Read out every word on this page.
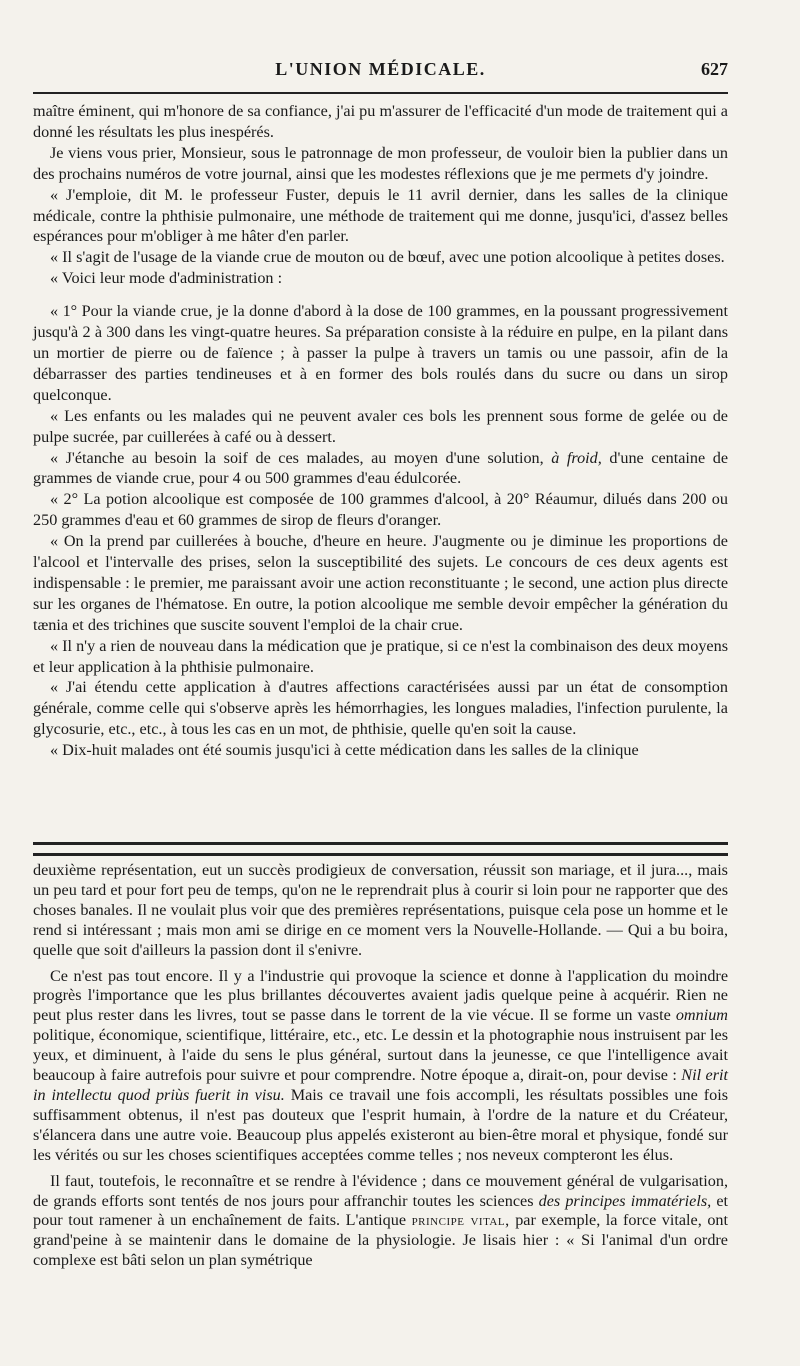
L'UNION MÉDICALE.	627

maître éminent, qui m'honore de sa confiance, j'ai pu m'assurer de l'efficacité d'un mode de traitement qui a donné les résultats les plus inespérés.

Je viens vous prier, Monsieur, sous le patronnage de mon professeur, de vouloir bien la publier dans un des prochains numéros de votre journal, ainsi que les modestes réflexions que je me permets d'y joindre.

« J'emploie, dit M. le professeur Fuster, depuis le 11 avril dernier, dans les salles de la clinique médicale, contre la phthisie pulmonaire, une méthode de traitement qui me donne, jusqu'ici, d'assez belles espérances pour m'obliger à me hâter d'en parler.

« Il s'agit de l'usage de la viande crue de mouton ou de bœuf, avec une potion alcoolique à petites doses.

« Voici leur mode d'administration :

« 1° Pour la viande crue, je la donne d'abord à la dose de 100 grammes, en la poussant progressivement jusqu'à 2 à 300 dans les vingt-quatre heures. Sa préparation consiste à la réduire en pulpe, en la pilant dans un mortier de pierre ou de faïence ; à passer la pulpe à travers un tamis ou une passoir, afin de la débarrasser des parties tendineuses et à en former des bols roulés dans du sucre ou dans un sirop quelconque.

« Les enfants ou les malades qui ne peuvent avaler ces bols les prennent sous forme de gelée ou de pulpe sucrée, par cuillerées à café ou à dessert.

« J'étanche au besoin la soif de ces malades, au moyen d'une solution, à froid, d'une centaine de grammes de viande crue, pour 4 ou 500 grammes d'eau édulcorée.

« 2° La potion alcoolique est composée de 100 grammes d'alcool, à 20° Réaumur, dilués dans 200 ou 250 grammes d'eau et 60 grammes de sirop de fleurs d'oranger.

« On la prend par cuillerées à bouche, d'heure en heure. J'augmente ou je diminue les proportions de l'alcool et l'intervalle des prises, selon la susceptibilité des sujets. Le concours de ces deux agents est indispensable : le premier, me paraissant avoir une action reconstituante ; le second, une action plus directe sur les organes de l'hématose. En outre, la potion alcoolique me semble devoir empêcher la génération du tænia et des trichines que suscite souvent l'emploi de la chair crue.

« Il n'y a rien de nouveau dans la médication que je pratique, si ce n'est la combinaison des deux moyens et leur application à la phthisie pulmonaire.

« J'ai étendu cette application à d'autres affections caractérisées aussi par un état de consomption générale, comme celle qui s'observe après les hémorrhagies, les longues maladies, l'infection purulente, la glycosurie, etc., etc., à tous les cas en un mot, de phthisie, quelle qu'en soit la cause.

« Dix-huit malades ont été soumis jusqu'ici à cette médication dans les salles de la clinique

deuxième représentation, eut un succès prodigieux de conversation, réussit son mariage, et il jura..., mais un peu tard et pour fort peu de temps, qu'on ne le reprendrait plus à courir si loin pour ne rapporter que des choses banales. Il ne voulait plus voir que des premières représentations, puisque cela pose un homme et le rend si intéressant ; mais mon ami se dirige en ce moment vers la Nouvelle-Hollande. — Qui a bu boira, quelle que soit d'ailleurs la passion dont il s'enivre.

Ce n'est pas tout encore. Il y a l'industrie qui provoque la science et donne à l'application du moindre progrès l'importance que les plus brillantes découvertes avaient jadis quelque peine à acquérir. Rien ne peut plus rester dans les livres, tout se passe dans le torrent de la vie vécue. Il se forme un vaste omnium politique, économique, scientifique, littéraire, etc., etc. Le dessin et la photographie nous instruisent par les yeux, et diminuent, à l'aide du sens le plus général, surtout dans la jeunesse, ce que l'intelligence avait beaucoup à faire autrefois pour suivre et pour comprendre. Notre époque a, dirait-on, pour devise : Nil erit in intellectu quod priùs fuerit in visu. Mais ce travail une fois accompli, les résultats possibles une fois suffisamment obtenus, il n'est pas douteux que l'esprit humain, à l'ordre de la nature et du Créateur, s'élancera dans une autre voie. Beaucoup plus appelés existeront au bien-être moral et physique, fondé sur les vérités ou sur les choses scientifiques acceptées comme telles ; nos neveux compteront les élus.

Il faut, toutefois, le reconnaître et se rendre à l'évidence ; dans ce mouvement général de vulgarisation, de grands efforts sont tentés de nos jours pour affranchir toutes les sciences des principes immatériels, et pour tout ramener à un enchaînement de faits. L'antique principe vital, par exemple, la force vitale, ont grand'peine à se maintenir dans le domaine de la physiologie. Je lisais hier : « Si l'animal d'un ordre complexe est bâti selon un plan symétrique
